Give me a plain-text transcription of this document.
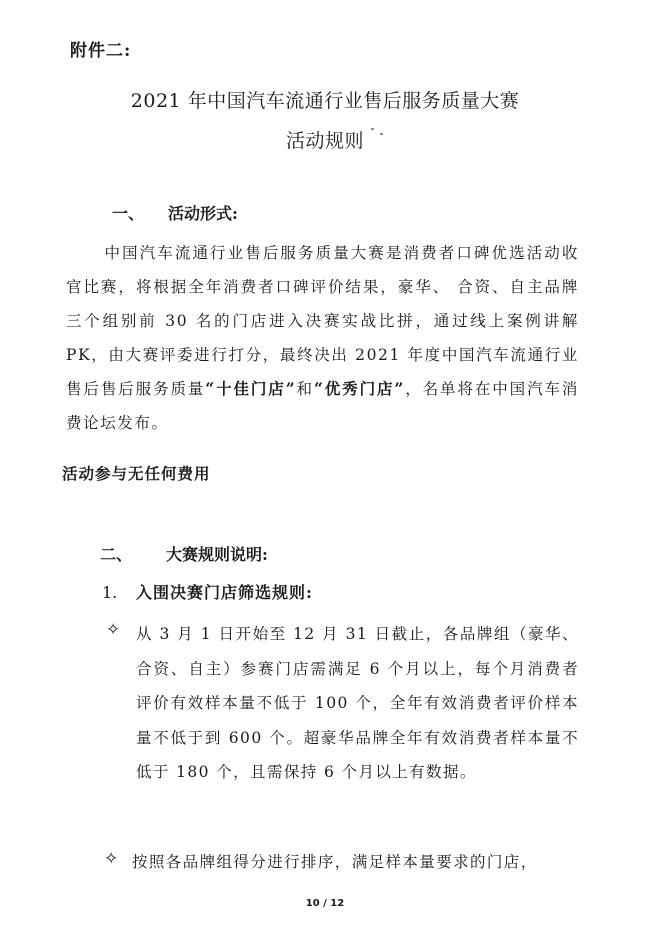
附件二:
2021 年中国汽车流通行业售后服务质量大赛
活动规则
一、 活动形式:
中国汽车流通行业售后服务质量大赛是消费者口碑优选活动收官比赛，将根据全年消费者口碑评价结果，豪华、 合资、自主品牌三个组别前 30 名的门店进入决赛实战比拼，通过线上案例讲解PK，由大赛评委进行打分，最终决出 2021 年度中国汽车流通行业售后售后服务质量“十佳门店”和“优秀门店”，名单将在中国汽车消费论坛发布。
活动参与无任何费用
二、 大赛规则说明:
1. 入围决赛门店筛选规则:
✧ 从 3 月 1 日开始至 12 月 31 日截止，各品牌组（豪华、合资、自主）参赛门店需满足 6 个月以上，每个月消费者评价有效样本量不低于 100 个，全年有效消费者评价样本量不低于到 600 个。超豪华品牌全年有效消费者样本量不低于 180 个，且需保持 6 个月以上有数据。
✧ 按照各品牌组得分进行排序，满足样本量要求的门店，
10 / 12
